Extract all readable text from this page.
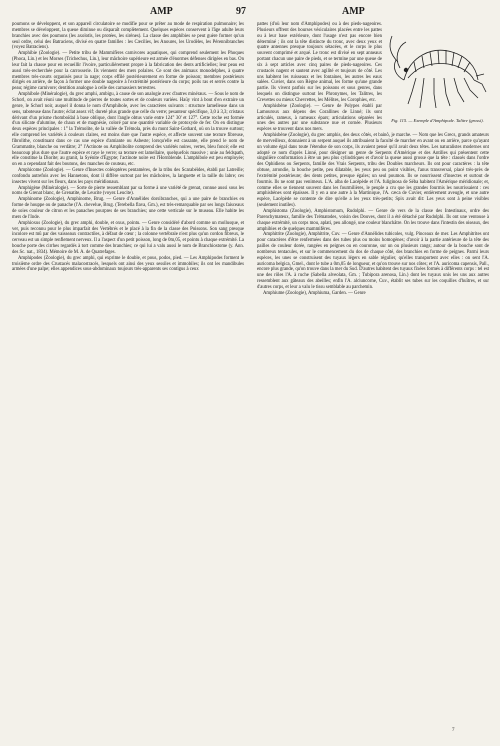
AMP	97	AMP

poumons se développent, et son appareil circulatoire se modifie pour se prêter au mode de respiration pulmonaire; les membres se développent, la queue diminue ou disparaît complètement. Quelques espèces conservent à l'âge adulte leurs branchies avec des poumons (les axolotls, les protées, les sirènes). La classe des amphibies se peut guère former qu'un seul ordre, celui des Batraciens, divisé en quatre familles : les Cæcilies, les Anoures, les Urodèles, les Pérennibranches (voyez Batraciens).

Amphibie (Zoologie). — Petite tribu de Mammifères carnivores aquatiques, qui comprend seulement les Phoques (Phoca, Lin.) et les Morses (Trichechus, Lin.), leur mâchoire supérieure est armée d'énormes défenses dirigées en bas. On leur fait la chasse pour en recueillir l'ivoire, particulièrement propre à la fabrication des dents artificielles; leur peau est aussi très-recherchée pour la carrosserie. Ils viennent des mers polaires. Ce sont des animaux monodelphes, à quatre membres très-courts organisés pour la nage; corps effilé postérieurement en forme de poisson; membres postérieurs dirigés en arrière, de façon à former une double nageoire à l'extrémité postérieure du corps; poils ras et serrés contre la peau; régime carnivore; dentition analogue à celle des carnassiers terrestres.

Amphibole (Minéralogie), du grec amphi, ambigu, à cause de son analogie avec d'autres minéraux. — Sous le nom de Schorl, on avait réuni une multitude de pierres de toutes sortes et de couleurs variées. Haüy vint à bout d'en extraire un genre, le Schorl noir, auquel il donna le nom d'Amphibole, avec les caractères suivants : structure lamelleuse dans un sens, raboteuse dans l'autre; éclat assez vif; dureté plus grande que celle du verre; pesanteur spécifique, 3,0 à 3,3; cristaux dérivant d'un prisme rhomboïdal à base oblique, dont l'angle obtus varie entre 124° 30' et 127°. Cette roche est formée d'un silicate d'alumine, de chaux et de magnésie, coloré par une quantité variable de protoxyde de fer. On en distingue deux espèces principales : 1° la Trémolite, de la vallée de Trémola, près du mont Saint-Gothard, où on la trouve surtout; elle comprend les variétés à couleurs claires, est moins dure que l'autre espèce, et affecte souvent une texture fibreuse, fibrolithe, constituant dans ce cas une espèce d'amiante ou Asbeste; lorsqu'elle est cassante, elle prend le nom de Grammatite, blanche ou verdâtre; 2° l'Actinote ou Amphibolite comprend des variétés noires, vertes, bleu foncé; elle est beaucoup plus dure que l'autre espèce et raye le verre; sa texture est lamellaire, quelquefois massive ; unie au feldspath, elle constitue la Diorite; au granit, la Syénite d'Égypte; l'actinote noire est l'Hornblende. L'amphibole est peu employée; on en a cependant fait des boutons, des manches de couteau, etc.

Amphicome (Zoologie). — Genre d'Insectes coléoptères pentamères, de la tribu des Scarabéides, établi par Latreille; confondu autrefois avec les Hannetons, dont il diffère surtout par les mâchoires, la languette et la taille du labre; ces insectes vivent sur les fleurs, dans les pays méridionaux.

Amphigène (Minéralogie). — Sorte de pierre ressemblant par sa forme à une variété de grenat, connue aussi sous les noms de Grenat blanc, de Grenatite, de Leucite (voyez Leucite).

Amphinome (Zoologie), Amphinome, Brug. — Genre d'Annélides dorsibranches, qui a une paire de branchies en forme de houppe ou de panache (l'A. chevelue, Brug. (Terebella flava, Gm.), est très-remarquable par ses longs faisceaux de soies couleur de citron et les panaches pourpres de ses branchies; une cette verticale sur le museau. Elle habite les mers de l'Inde.

Amphioxus (Zoologie), du grec amphi, double, et oxus, pointu. — Genre considéré d'abord comme un mollusque, et ver, puis reconnu pour le plus imparfait des Vertébrés et le placé à la fin de la classe des Poissons. Son sang presque incolore est mû par des vaisseaux contractiles, à défaut de cœur ; la colonne vertébrale n'est plus qu'un cordon fibreux, le cerveau est un simple renflement nerveux. Il a l'aspect d'un petit poisson, long de 0m,05, et pointu à chaque extrémité. La bouche porte des cirrhes regardés à tort comme des branchies; ce qui lui a valu aussi le nom de Branchiostome (y. Ann. des Sc. nat., 1834). Mémoire de M. A. de Quatrefages.

Amphipodes (Zoologie), du grec amphi, qui exprime le double, et pous, podos, pied. — Les Amphipodes forment le troisième ordre des Crustacés malacostracés, lesquels ont ainsi des yeux sessiles et immobiles; ils ont les mandibules armées d'une palpe; elles appendices sous-abdominaux toujours très-apparents ses contigus à ceux

Fig. 115. — Exemple d'Amphipode. Talitre (grossi).

pattes (d'où leur nom d'Amphipodes) ou à des pieds-nageoires. Plusieurs offrent des bourses vésiculaires placées entre les pattes ou à leur base extérieure, dont l'usage n'est pas encore bien déterminé ; ils ont la tête distincte du tronc, avec deux yeux et quatre antennes presque toujours sétacées, et le corps le plus souvent comprimé et arqué. Le tronc est divisé en sept anneaux portant chacun une paire de pieds, et se termine par une queue de six à sept articles avec cinq paires de pieds-nageoires. Ces crustacés nagent et sautent avec agilité et toujours de côté. Les uns habitent les ruisseaux et les fontaines, les autres les eaux salées. Cuvier, dans son Règne animal, les forme qu'une grande partie. Ils vivent parfois sur les poissons et sous genres, dans lesquels on distingue surtout les Phronymes, les Talitres, les Crevettes ou mieux Chevrettes, les Mélites, les Corophies, etc.

Amphisbène (Zoologie). — Genre de Polypes établi par Lamouroux aux dépens des Corallines de Linné; ils sont articulés, rameux, à rameaux épars; articulations séparées les unes des autres par une substance nue et cornée. Plusieurs espèces se trouvent dans nos mers.

Amphisbène (Zoologie), du grec amphis, des deux côtés, et bainô, je marche. — Nom que les Grecs, grands amateurs de merveilleux, donnaient à un serpent auquel ils attribuaient la faculté de marcher en avant ou en arrière, parce qu'ayant un volume égal dans toute l'étendue de son corps, ils avaient pensé qu'il avait deux têtes. Les naturalistes modernes ont adopté ce nom d'après Linné, pour désigner un genre de Serpents d'Amérique et des Antilles qui présentent cette singulière conformation à être un peu plus cylindriques et d'avoir la queue aussi grosse que la tête : classés dans l'ordre des Ophidiens ou Serpents, famille des Vrais Serpents, tribu des Doubles marcheurs. Ils ont pour caractères : la tête obtuse, arrondie, la bouche petite, peu dilatable, les yeux peu ou point visibles, l'anus transversal, placé très-près de l'extrémité postérieure; des dents petites, presque égales; un seul poumon. Ils se nourrissent d'insectes et surtout de fourmis. Ils ne sont pas venimeux. L'A. alba de Lacépède et l'A. fuliginosa de Séba habitent l'Amérique méridionale; et, comme elles se tiennent souvent dans les fourmilières, le peuple a cru que les grandes fourmis les nourrissaient : ces amphisbènes sont épaisses. Il y en a une autre à la Martinique, l'A. cæca de Cuvier, entièrement aveugle, et une autre espèce, Lacépède se contente de dire qu'elle a les yeux très-petits; Spix avait dit: Les yeux sont à peine visibles (seulement inutiles).

Amphistoma (Zoologie), Amphistomum, Rudolphi. — Genre de vers de la classe des Intestinaux, ordre des Parenchymateux, famille des Trématodes, voisin des Douves, dont il a été détaché par Rudolphi. Ils ont une ventouse à chaque extrémité, un corps mou, aplati, peu allongé, une couleur blanchâtre. On les trouve dans l'intestin des oiseaux, des amphibies et de quelques mammifères.

Amphitrite (Zoologie), Amphitrite, Cuv. — Genre d'Annélides tubicoles, vulg. Pinceaux de mer. Les Amphitrites ont pour caractères d'être renfermées dans des tubes plus ou moins homogènes; d'avoir à la partie antérieure de la tête des pailles de couleur dorée, rangées en peignes ou en couronne, sur un ou plusieurs rangs; autour de la bouche sont de nombreux tentacules, et sur le commencement du dos de chaque côté, des branchies en forme de peignes. Parmi leurs espèces, les unes se construisent des tuyaux légers en sable régulier, qu'elles transportent avec elles : on sent l'A. auricoma belgica, Gmel., dont le tube a 0m,05 de longueur, et qu'on trouve sur nos côtes; et l'A. auricoma capensis, Pall., encore plus grande, qu'on trouve dans la mer du Sud. D'autres habitent des tuyaux fixées formés à différents corps : tel est une des rôles l'A. à ruche (Sabella alveolata, Gm. ; Tubipora arenosa, Lin.) dont les tuyaux unis les uns aux autres ressemblent aux gâteaux des abeilles; enfin l'A. alciuncorne, Cuv., établit ses tubes sur les coquilles d'huîtres, et sur d'autres corps, et leur a valu le tissu semblable au parchemin.

Amphiume (Zoologie), Amphiuma, Garden. — Genre

7
